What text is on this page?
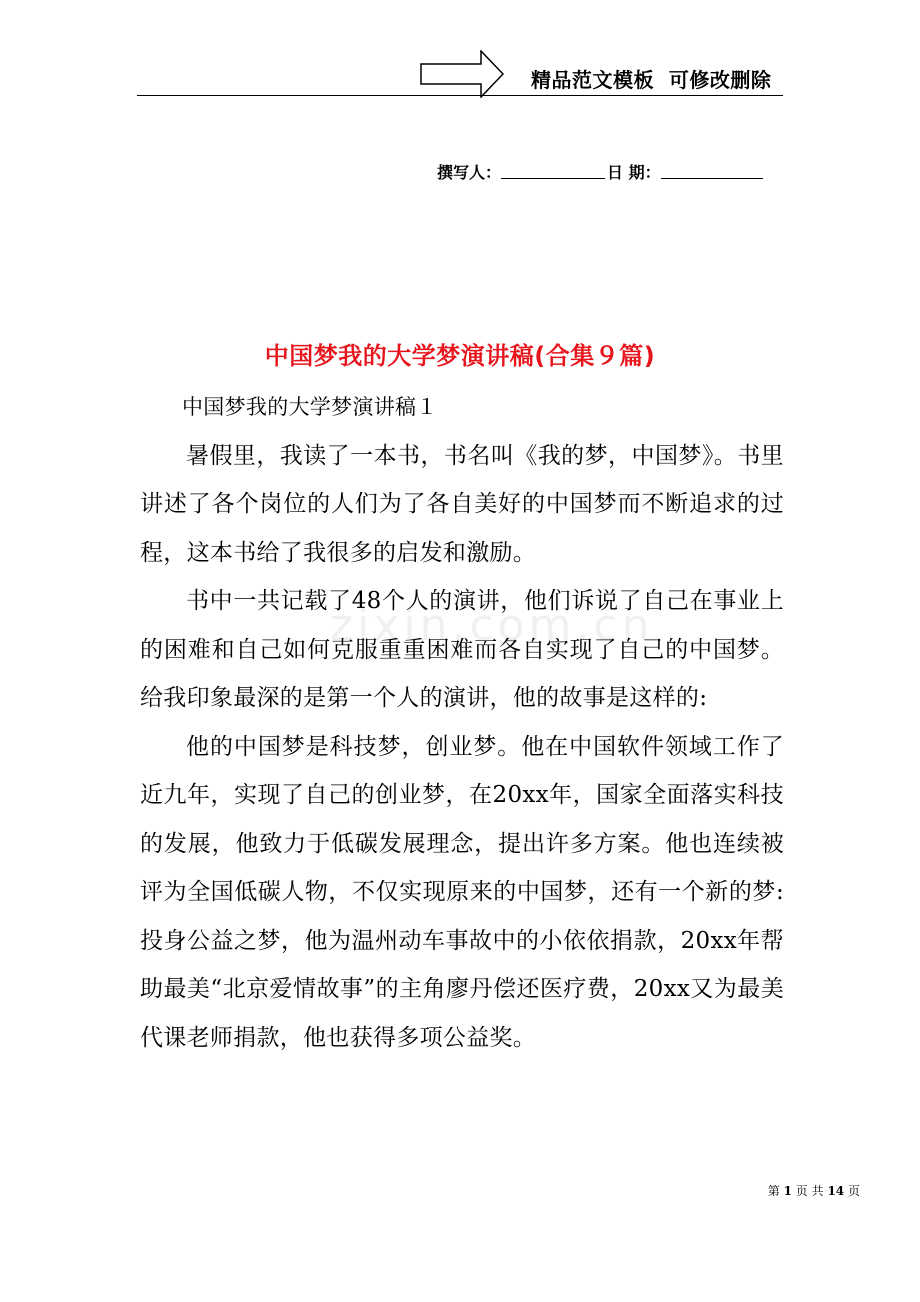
精品范文模板  可修改删除
撰写人：	日 期：
中国梦我的大学梦演讲稿(合集９篇)
zixin.com.cn

中国梦我的大学梦演讲稿１

暑假里，我读了一本书，书名叫《我的梦，中国梦》。书里讲述了各个岗位的人们为了各自美好的中国梦而不断追求的过程，这本书给了我很多的启发和激励。

书中一共记载了48个人的演讲，他们诉说了自己在事业上的困难和自己如何克服重重困难而各自实现了自己的中国梦。给我印象最深的是第一个人的演讲，他的故事是这样的:

他的中国梦是科技梦，创业梦。他在中国软件领域工作了近九年，实现了自己的创业梦，在20xx年，国家全面落实科技的发展，他致力于低碳发展理念，提出许多方案。他也连续被评为全国低碳人物，不仅实现原来的中国梦，还有一个新的梦:投身公益之梦，他为温州动车事故中的小依依捐款，20xx年帮助最美“北京爱情故事”的主角廖丹偿还医疗费，20xx又为最美代课老师捐款，他也获得多项公益奖。

第 1 页 共 14 页
